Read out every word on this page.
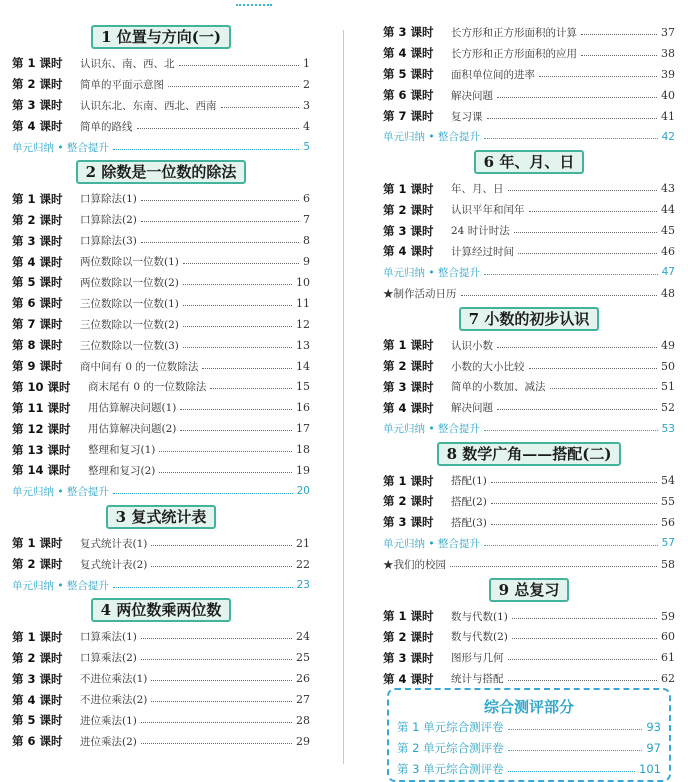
1 位置与方向(一)
第 1 课时	认识东、南、西、北	1
第 2 课时	简单的平面示意图	2
第 3 课时	认识东北、东南、西北、西南	3
第 4 课时	简单的路线	4
单元归纳 • 整合提升	5
2 除数是一位数的除法
第 1 课时	口算除法(1)	6
第 2 课时	口算除法(2)	7
第 3 课时	口算除法(3)	8
第 4 课时	两位数除以一位数(1)	9
第 5 课时	两位数除以一位数(2)	10
第 6 课时	三位数除以一位数(1)	11
第 7 课时	三位数除以一位数(2)	12
第 8 课时	三位数除以一位数(3)	13
第 9 课时	商中间有 0 的一位数除法	14
第 10 课时	商末尾有 0 的一位数除法	15
第 11 课时	用估算解决问题(1)	16
第 12 课时	用估算解决问题(2)	17
第 13 课时	整理和复习(1)	18
第 14 课时	整理和复习(2)	19
单元归纳 • 整合提升	20
3 复式统计表
第 1 课时	复式统计表(1)	21
第 2 课时	复式统计表(2)	22
单元归纳 • 整合提升	23
4 两位数乘两位数
第 1 课时	口算乘法(1)	24
第 2 课时	口算乘法(2)	25
第 3 课时	不进位乘法(1)	26
第 4 课时	不进位乘法(2)	27
第 5 课时	进位乘法(1)	28
第 6 课时	进位乘法(2)	29
第 3 课时	长方形和正方形面积的计算	37
第 4 课时	长方形和正方形面积的应用	38
第 5 课时	面积单位间的进率	39
第 6 课时	解决问题	40
第 7 课时	复习课	41
单元归纳 • 整合提升	42
6 年、月、日
第 1 课时	年、月、日	43
第 2 课时	认识平年和闰年	44
第 3 课时	24 时计时法	45
第 4 课时	计算经过时间	46
单元归纳 • 整合提升	47
★制作活动日历	48
7 小数的初步认识
第 1 课时	认识小数	49
第 2 课时	小数的大小比较	50
第 3 课时	简单的小数加、减法	51
第 4 课时	解决问题	52
单元归纳 • 整合提升	53
8 数学广角——搭配(二)
第 1 课时	搭配(1)	54
第 2 课时	搭配(2)	55
第 3 课时	搭配(3)	56
单元归纳 • 整合提升	57
★我们的校园	58
9 总复习
第 1 课时	数与代数(1)	59
第 2 课时	数与代数(2)	60
第 3 课时	图形与几何	61
第 4 课时	统计与搭配	62
综合测评部分
第 1 单元综合测评卷	93
第 2 单元综合测评卷	97
第 3 单元综合测评卷	101
